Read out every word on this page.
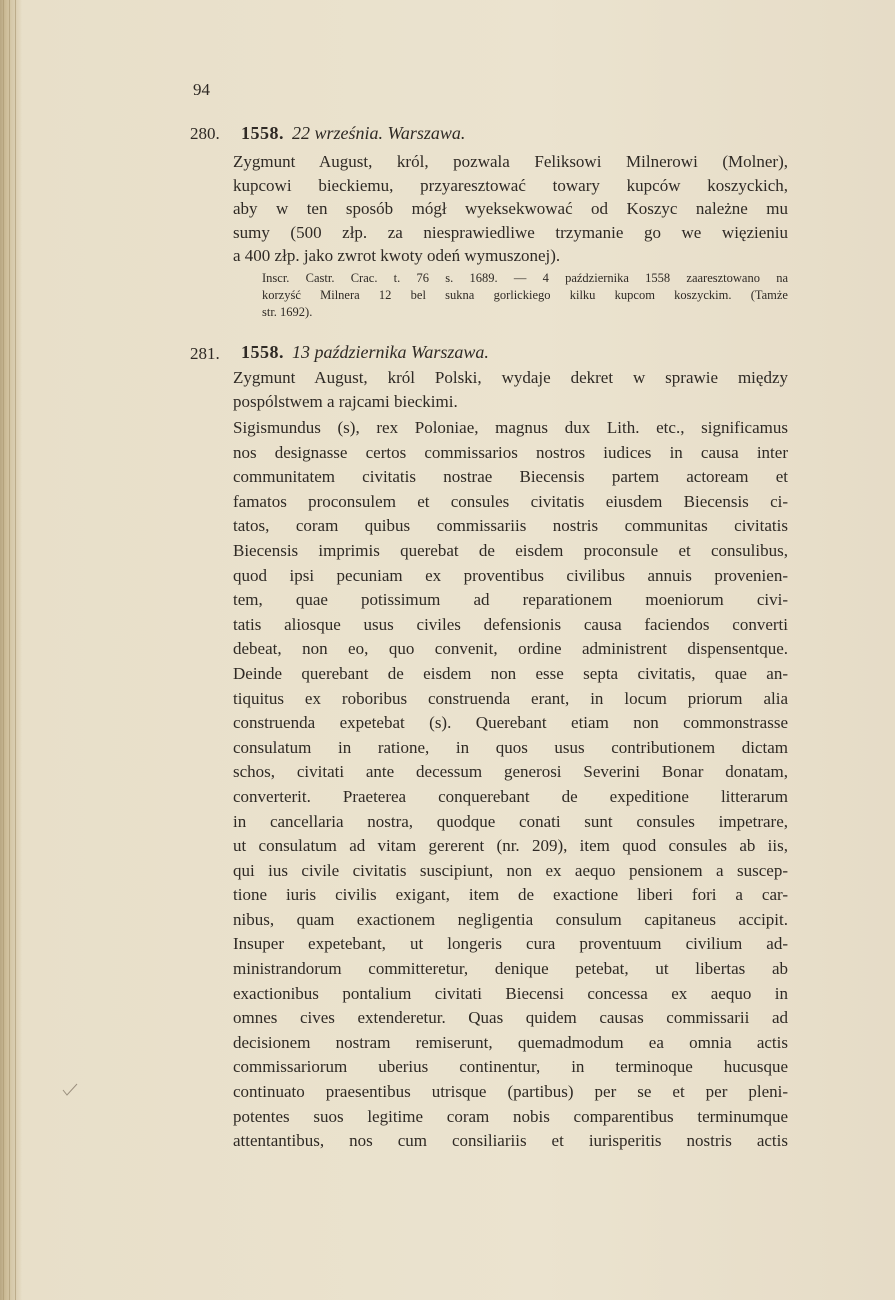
94
280. 1558. 22 września. Warszawa.
Zygmunt August, król, pozwala Feliksowi Milnerowi (Molner),
kupcowi bieckiemu, przyaresztować towary kupców koszyckich,
aby w ten sposób mógł wyeksekwować od Koszyc należne mu
sumy (500 złp. za niesprawiedliwe trzymanie go we więzieniu
a 400 złp. jako zwrot kwoty odeń wymuszonej).
Inscr. Castr. Crac. t. 76 s. 1689. — 4 października 1558 zaaresztowano na
korzyść Milnera 12 bel sukna gorlickiego kilku kupcom koszyckim. (Tamże
str. 1692).
281. 1558. 13 października Warszawa.
Zygmunt August, król Polski, wydaje dekret w sprawie między
pospólstwem a rajcami bieckimi.
Sigismundus (s), rex Poloniae, magnus dux Lith. etc., significamus
nos designasse certos commissarios nostros iudices in causa inter
communitatem civitatis nostrae Biecensis partem actoream et
famatos proconsulem et consules civitatis eiusdem Biecensis ci-
tatos, coram quibus commissariis nostris communitas civitatis
Biecensis imprimis querebat de eisdem proconsule et consulibus,
quod ipsi pecuniam ex proventibus civilibus annuis provenien-
tem, quae potissimum ad reparationem moeniorum civi-
tatis aliosque usus civiles defensionis causa faciendos converti
debeat, non eo, quo convenit, ordine administrent dispensentque.
Deinde querebant de eisdem non esse septa civitatis, quae an-
tiquitus ex roboribus construenda erant, in locum priorum alia
construenda expetebat (s). Querebant etiam non commonstrasse
consulatum in ratione, in quos usus contributionem dictam
schos, civitati ante decessum generosi Severini Bonar donatam,
converterit. Praeterea conquerebant de expeditione litterarum
in cancellaria nostra, quodque conati sunt consules impetrare,
ut consulatum ad vitam gererent (nr. 209), item quod consules ab iis,
qui ius civile civitatis suscipiunt, non ex aequo pensionem a suscep-
tione iuris civilis exigant, item de exactione liberi fori a car-
nibus, quam exactionem negligentia consulum capitaneus accipit.
Insuper expetebant, ut longeris cura proventuum civilium ad-
ministrandorum committeretur, denique petebat, ut libertas ab
exactionibus pontalium civitati Biecensi concessa ex aequo in
omnes cives extenderetur. Quas quidem causas commissarii ad
decisionem nostram remiserunt, quemadmodum ea omnia actis
commissariorum uberius continentur, in terminoque hucusque
continuato praesentibus utrisque (partibus) per se et per pleni-
potentes suos legitime coram nobis comparentibus terminumque
attentantibus, nos cum consiliariis et iurisperitis nostris actis
